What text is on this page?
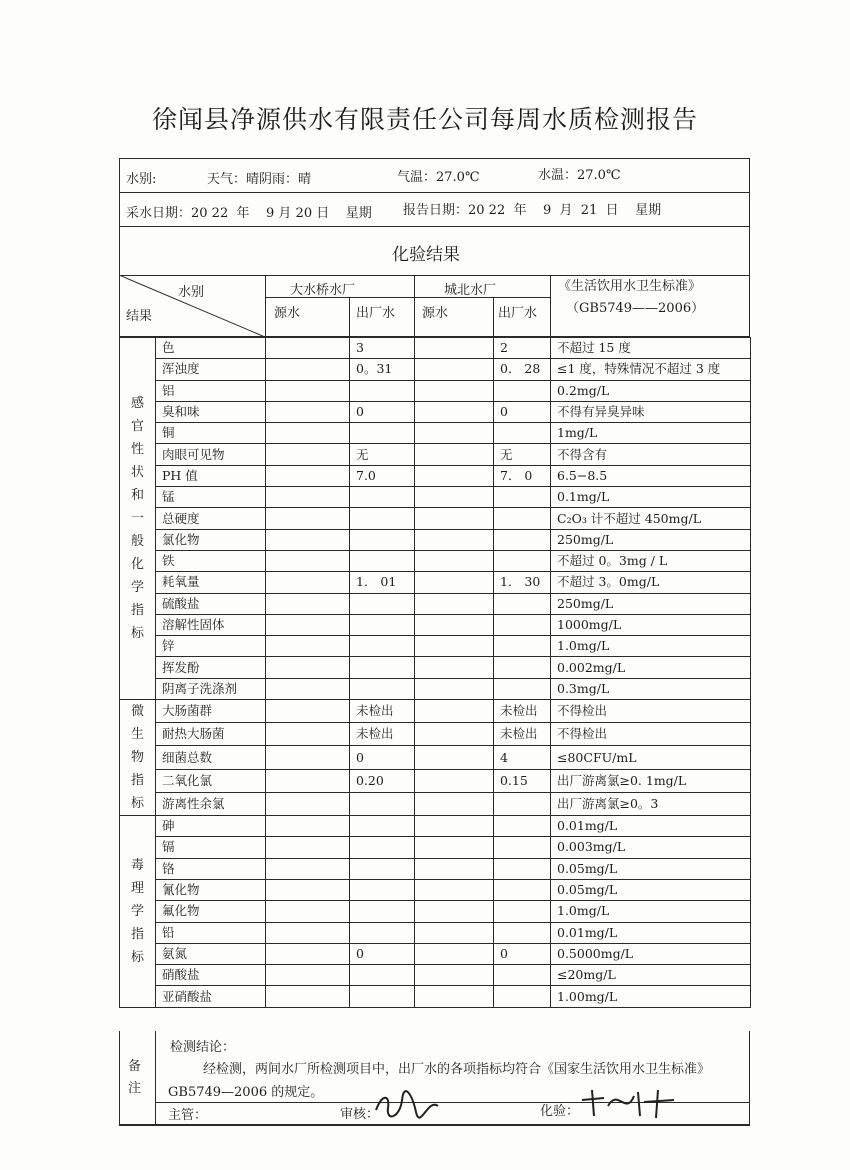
徐闻县净源供水有限责任公司每周水质检测报告
水别:	天气：晴阴雨：晴	气温：27.0℃	水温：27.0℃
采水日期：20 22  年    9 月 20 日    星期 报告日期：20 22  年    9  月  21  日    星期
化验结果
水别
结果
大水桥水厂	城北水厂
源水	出厂水 源水	出厂水
《生活饮用水卫生标准》
（GB5749——2006）
感官性状和一般化学指标	色		3		2	不超过 15 度
	浑浊度		0。31		0． 28	≤1 度，特殊情况不超过 3 度
	铝					0.2mg/L
	臭和味		0		0	不得有异臭异味
	铜					1mg/L
	肉眼可见物		无		无	不得含有
	PH 值		7.0		7． 0	6.5−8.5
	锰					0.1mg/L
	总硬度					C₂O₃ 计不超过 450mg/L
	氯化物					250mg/L
	铁					不超过 0。3mg / L
	耗氧量		1． 01		1． 30	不超过 3。0mg/L
	硫酸盐					250mg/L
	溶解性固体					1000mg/L
	锌					1.0mg/L
	挥发酚					0.002mg/L
	阴离子洗涤剂					0.3mg/L

微生物指标	大肠菌群		未检出		未检出	不得检出
	耐热大肠菌		未检出		未检出	不得检出
	细菌总数		0		4	≤80CFU/mL
	二氧化氯		0.20		0.15	出厂游离氯≥0. 1mg/L
	游离性余氯					出厂游离氯≥0。3

毒理学指标	砷					0.01mg/L
	镉					0.003mg/L
	铬					0.05mg/L
	氰化物					0.05mg/L
	氟化物					1.0mg/L
	铅					0.01mg/L
	氨氮		0		0	0.5000mg/L
	硝酸盐					≤20mg/L
	亚硝酸盐					1.00mg/L
备注
检测结论：
经检测，两间水厂所检测项目中，出厂水的各项指标均符合《国家生活饮用水卫生标准》
GB5749—2006 的规定。
主管：	审核：	化验：
